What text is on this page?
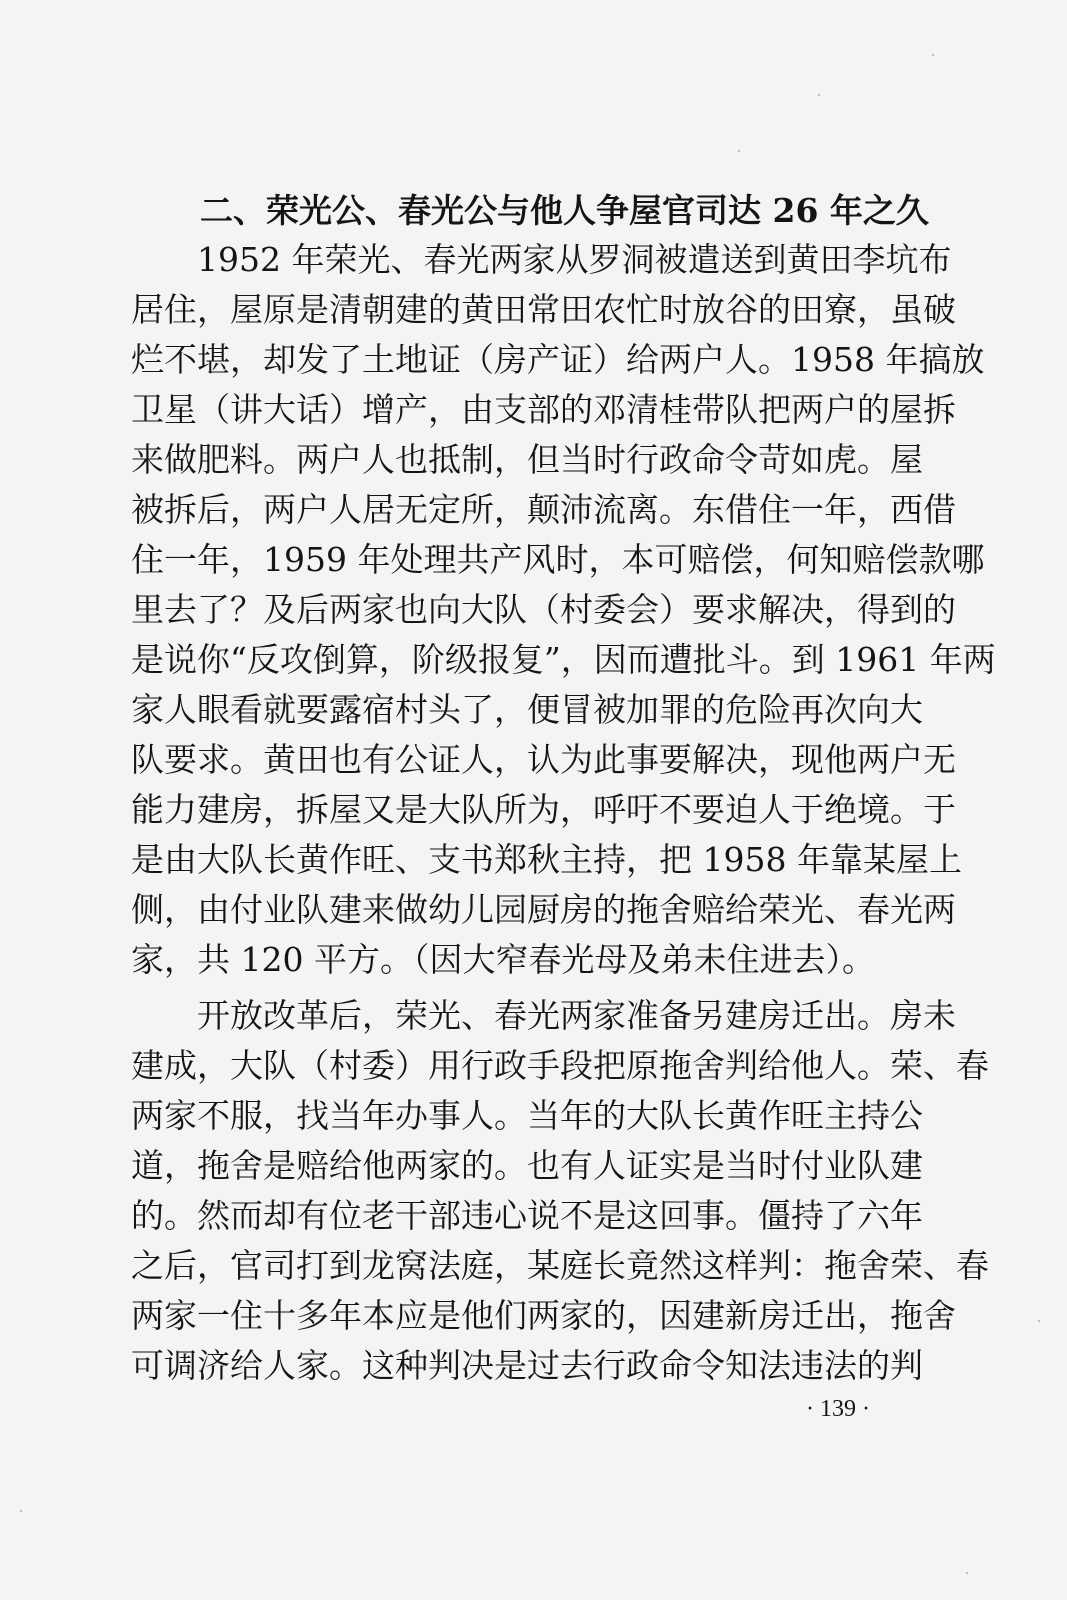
二、荣光公、春光公与他人争屋官司达 26 年之久
1952 年荣光、春光两家从罗洞被遣送到黄田李坑布
居住，屋原是清朝建的黄田常田农忙时放谷的田寮，虽破
烂不堪，却发了土地证（房产证）给两户人。1958 年搞放
卫星（讲大话）增产，由支部的邓清桂带队把两户的屋拆
来做肥料。两户人也抵制，但当时行政命令苛如虎。屋
被拆后，两户人居无定所，颠沛流离。东借住一年，西借
住一年，1959 年处理共产风时，本可赔偿，何知赔偿款哪
里去了？及后两家也向大队（村委会）要求解决，得到的
是说你“反攻倒算，阶级报复”，因而遭批斗。到 1961 年两
家人眼看就要露宿村头了，便冒被加罪的危险再次向大
队要求。黄田也有公证人，认为此事要解决，现他两户无
能力建房，拆屋又是大队所为，呼吁不要迫人于绝境。于
是由大队长黄作旺、支书郑秋主持，把 1958 年靠某屋上
侧，由付业队建来做幼儿园厨房的拖舍赔给荣光、春光两
家，共 120 平方。（因大窄春光母及弟未住进去）。
开放改革后，荣光、春光两家准备另建房迁出。房未
建成，大队（村委）用行政手段把原拖舍判给他人。荣、春
两家不服，找当年办事人。当年的大队长黄作旺主持公
道，拖舍是赔给他两家的。也有人证实是当时付业队建
的。然而却有位老干部违心说不是这回事。僵持了六年
之后，官司打到龙窝法庭，某庭长竟然这样判：拖舍荣、春
两家一住十多年本应是他们两家的，因建新房迁出，拖舍
可调济给人家。这种判决是过去行政命令知法违法的判
· 139 ·
